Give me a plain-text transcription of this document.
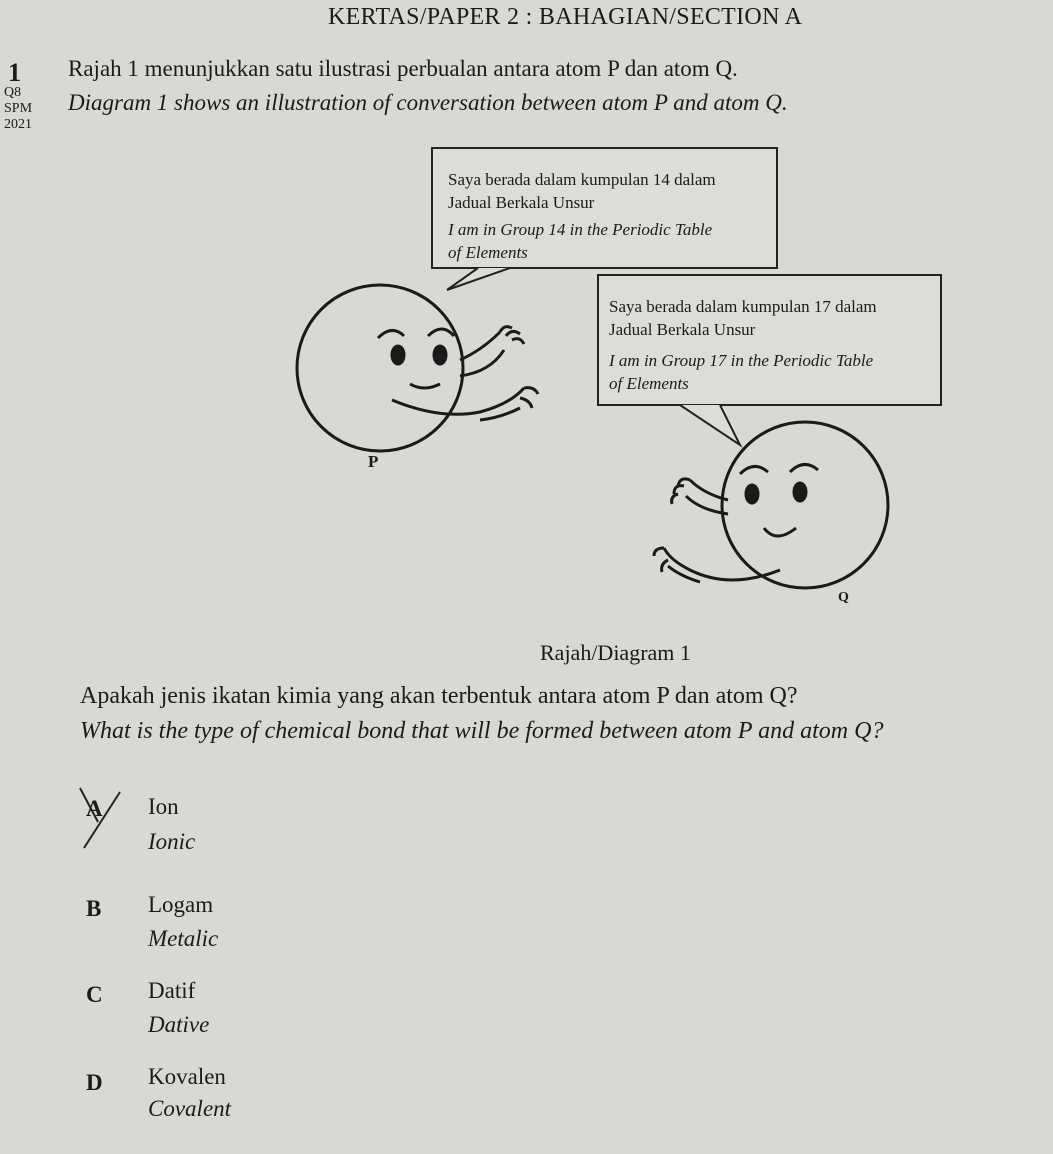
KERTAS/PAPER 2 : BAHAGIAN/SECTION A
1
Q8
SPM
2021
Rajah 1 menunjukkan satu ilustrasi perbualan antara atom P dan atom Q.
Diagram 1 shows an illustration of conversation between atom P and atom Q.
Saya berada dalam kumpulan 14 dalam
Jadual Berkala Unsur
I am in Group 14 in the Periodic Table
of Elements
Saya berada dalam kumpulan 17 dalam
Jadual Berkala Unsur
I am in Group 17 in the Periodic Table
of Elements
P
Q
Rajah/Diagram 1
Apakah jenis ikatan kimia yang akan terbentuk antara atom P dan atom Q?
What is the type of chemical bond that will be formed between atom P and atom Q?
A Ion
Ionic
B Logam
Metalic
C Datif
Dative
D Kovalen
Covalent
